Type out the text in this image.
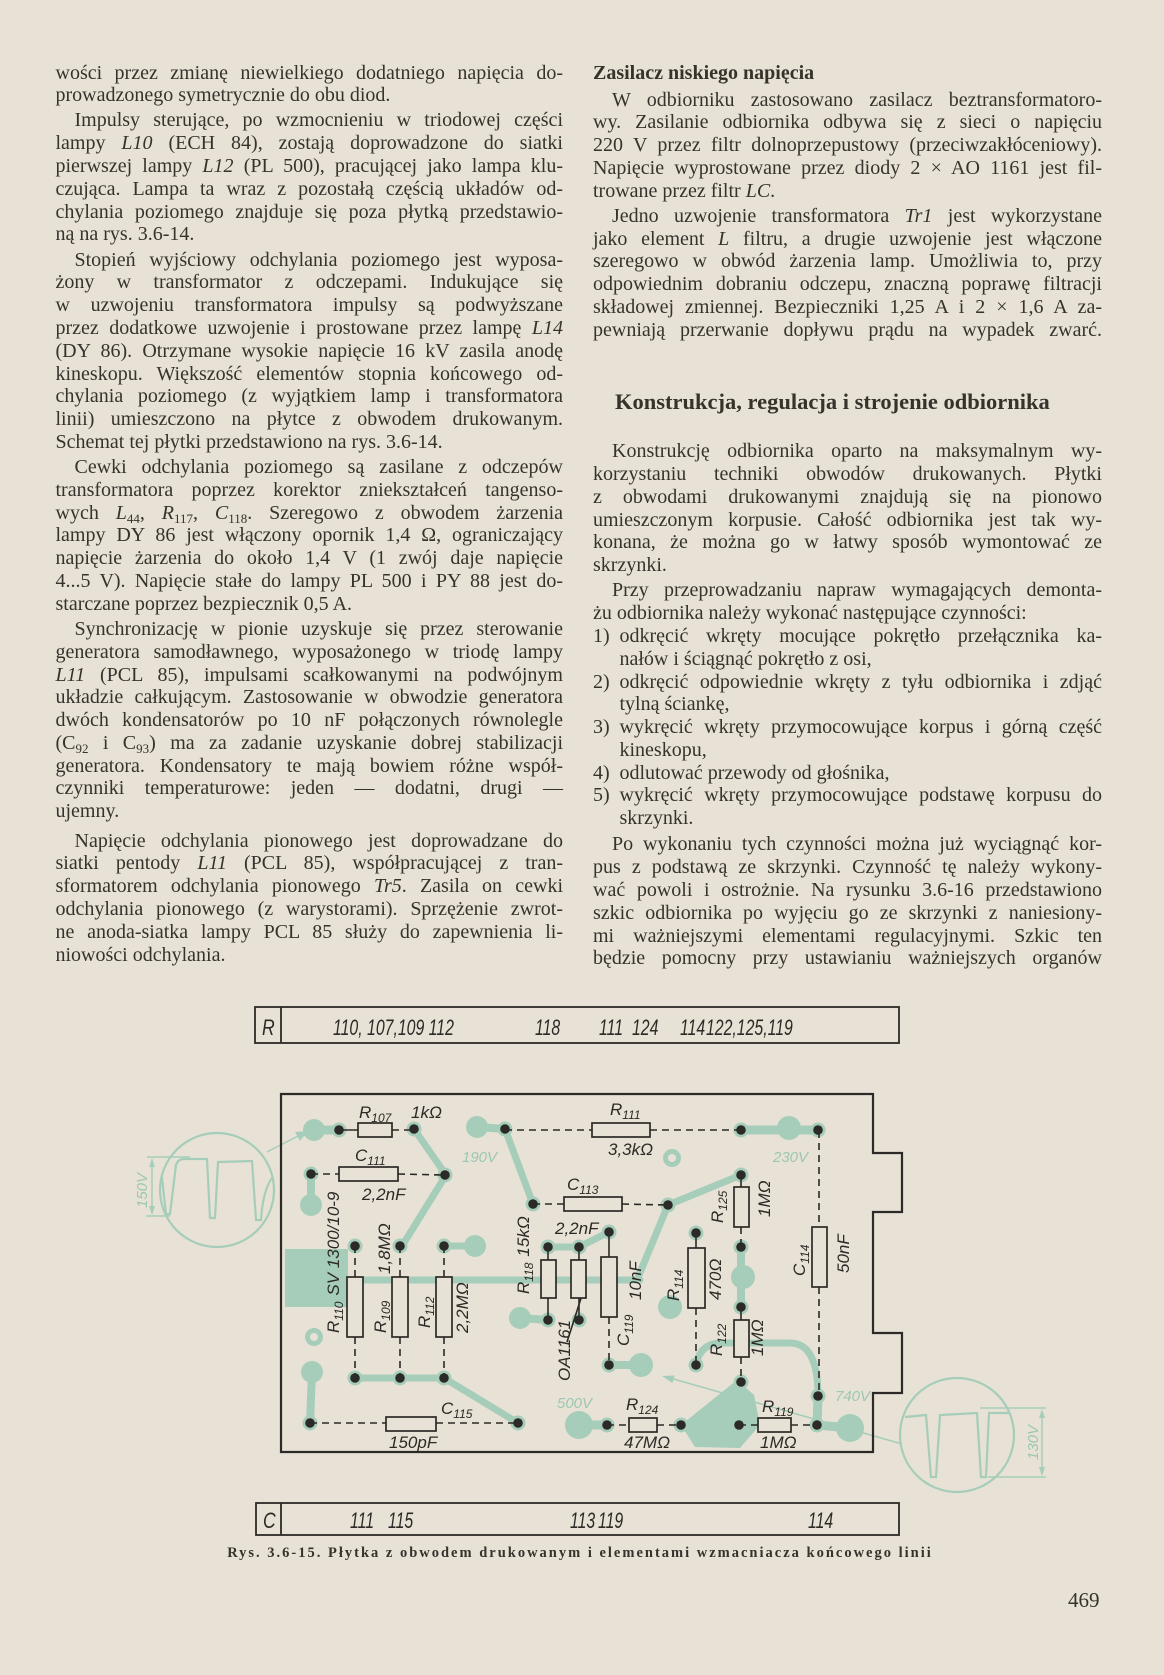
wości przez zmianę niewielkiego dodatniego napięcia do-
prowadzonego symetrycznie do obu diod.
Impulsy sterujące, po wzmocnieniu w triodowej części
lampy L10 (ECH 84), zostają doprowadzone do siatki
pierwszej lampy L12 (PL 500), pracującej jako lampa klu-
czująca. Lampa ta wraz z pozostałą częścią układów od-
chylania poziomego znajduje się poza płytką przedstawio-
ną na rys. 3.6-14.
Stopień wyjściowy odchylania poziomego jest wyposa-
żony w transformator z odczepami. Indukujące się
w uzwojeniu transformatora impulsy są podwyższane
przez dodatkowe uzwojenie i prostowane przez lampę L14
(DY 86). Otrzymane wysokie napięcie 16 kV zasila anodę
kineskopu. Większość elementów stopnia końcowego od-
chylania poziomego (z wyjątkiem lamp i transformatora
linii) umieszczono na płytce z obwodem drukowanym.
Schemat tej płytki przedstawiono na rys. 3.6-14.
Cewki odchylania poziomego są zasilane z odczepów
transformatora poprzez korektor zniekształceń tangenso-
wych $L_{44}$, $R_{117}$, $C_{118}$. Szeregowo z obwodem żarzenia
lampy DY 86 jest włączony opornik 1,4 Ω, ograniczający
napięcie żarzenia do około 1,4 V (1 zwój daje napięcie
4...5 V). Napięcie stałe do lampy PL 500 i PY 88 jest do-
starczane poprzez bezpiecznik 0,5 A.
Synchronizację w pionie uzyskuje się przez sterowanie
generatora samodławnego, wyposażonego w triodę lampy
L11 (PCL 85), impulsami scałkowanymi na podwójnym
układzie całkującym. Zastosowanie w obwodzie generatora
dwóch kondensatorów po 10 nF połączonych równolegle
($C_{92}$ i $C_{93}$) ma za zadanie uzyskanie dobrej stabilizacji
generatora. Kondensatory te mają bowiem różne współ-
czynniki temperaturowe: jeden — dodatni, drugi —
ujemny.
Napięcie odchylania pionowego jest doprowadzane do
siatki pentody L11 (PCL 85), współpracującej z tran-
sformatorem odchylania pionowego Tr5. Zasila on cewki
odchylania pionowego (z warystorami). Sprzężenie zwrot-
ne anoda-siatka lampy PCL 85 służy do zapewnienia li-
niowości odchylania.
Zasilacz niskiego napięcia
W odbiorniku zastosowano zasilacz beztransformatoro-
wy. Zasilanie odbiornika odbywa się z sieci o napięciu
220 V przez filtr dolnoprzepustowy (przeciwzakłóceniowy).
Napięcie wyprostowane przez diody 2 × AO 1161 jest fil-
trowane przez filtr LC.
Jedno uzwojenie transformatora Tr1 jest wykorzystane
jako element L filtru, a drugie uzwojenie jest włączone
szeregowo w obwód żarzenia lamp. Umożliwia to, przy
odpowiednim dobraniu odczepu, znaczną poprawę filtracji
składowej zmiennej. Bezpieczniki 1,25 A i 2 × 1,6 A za-
pewniają przerwanie dopływu prądu na wypadek zwarć.
Konstrukcja, regulacja i strojenie odbiornika
Konstrukcję odbiornika oparto na maksymalnym wy-
korzystaniu techniki obwodów drukowanych. Płytki
z obwodami drukowanymi znajdują się na pionowo
umieszczonym korpusie. Całość odbiornika jest tak wy-
konana, że można go w łatwy sposób wymontować ze
skrzynki.
Przy przeprowadzaniu napraw wymagających demonta-
żu odbiornika należy wykonać następujące czynności:
1) odkręcić wkręty mocujące pokrętło przełącznika ka-
nałów i ściągnąć pokrętło z osi,
2) odkręcić odpowiednie wkręty z tyłu odbiornika i zdjąć
tylną ściankę,
3) wykręcić wkręty przymocowujące korpus i górną część
kineskopu,
4) odlutować przewody od głośnika,
5) wykręcić wkręty przymocowujące podstawę korpusu do
skrzynki.
Po wykonaniu tych czynności można już wyciągnąć kor-
pus z podstawą ze skrzynki. Czynność tę należy wykony-
wać powoli i ostrożnie. Na rysunku 3.6-16 przedstawiono
szkic odbiornika po wyjęciu go ze skrzynki z naniesiony-
mi ważniejszymi elementami regulacyjnymi. Szkic ten
będzie pomocny przy ustawianiu ważniejszych organów
R	110, 107,109 112	118 111 124 114 122,125,119
C	111 115	113 119	114
$R_{107}$ 1kΩ
$C_{111}$
2,2nF
$R_{110}SV$ 1300/10-9
$R_{109}$
1,8MΩ
$R_{112}$ 2,2MΩ
$C_{115}$
150pF
$R_{111}$
3,3kΩ
$C_{113}$
2,2nF
$R_{118}15k\Omega$
OA1161 $C_{119}$
10nF $R_{114}$ 470Ω
$R_{125}$ 1MΩ
$R_{122}$ 1MΩ
$C_{114}$ 50nF
$R_{124}$
47MΩ
$R_{119}$
1MΩ
190V	230V
500V	740V
150V
130V
Rys. 3.6-15. Płytka z obwodem drukowanym i elementami wzmacniacza końcowego linii
469
